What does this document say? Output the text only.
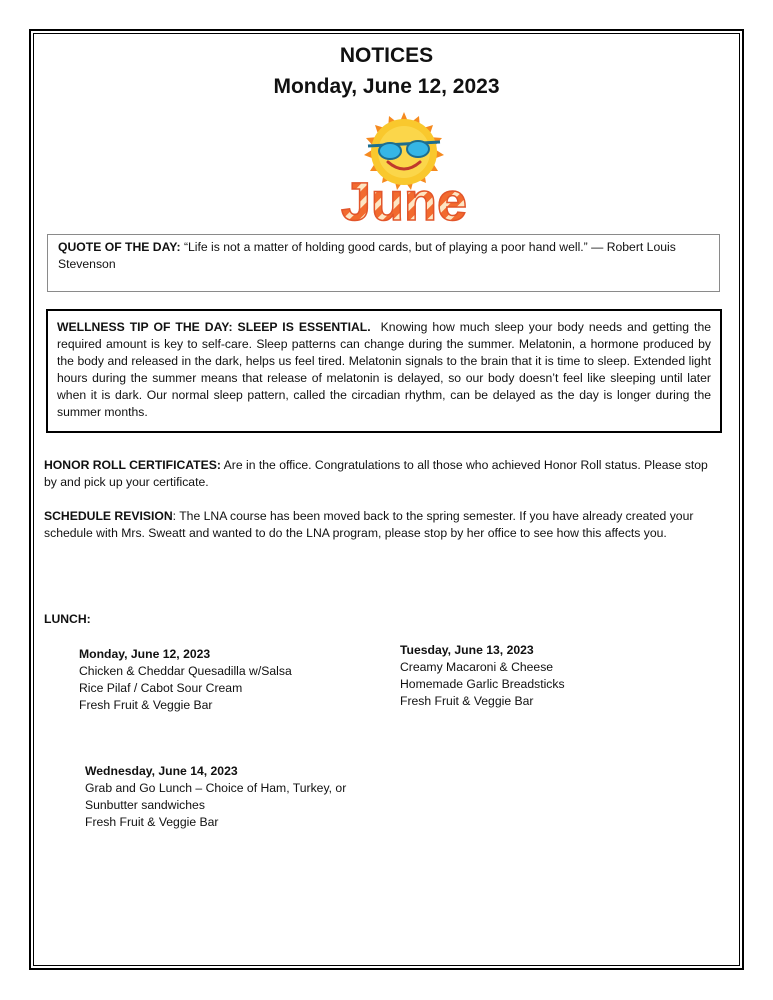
NOTICES
Monday, June 12, 2023
June
QUOTE OF THE DAY: “Life is not a matter of holding good cards, but of playing a poor hand well.” — Robert Louis Stevenson
WELLNESS TIP OF THE DAY: SLEEP IS ESSENTIAL. Knowing how much sleep your body needs and getting the required amount is key to self-care. Sleep patterns can change during the summer. Melatonin, a hormone produced by the body and released in the dark, helps us feel tired. Melatonin signals to the brain that it is time to sleep. Extended light hours during the summer means that release of melatonin is delayed, so our body doesn’t feel like sleeping until later when it is dark. Our normal sleep pattern, called the circadian rhythm, can be delayed as the day is longer during the summer months.
HONOR ROLL CERTIFICATES: Are in the office. Congratulations to all those who achieved Honor Roll status. Please stop by and pick up your certificate.
SCHEDULE REVISION: The LNA course has been moved back to the spring semester. If you have already created your schedule with Mrs. Sweatt and wanted to do the LNA program, please stop by her office to see how this affects you.
LUNCH:
Monday, June 12, 2023
Chicken & Cheddar Quesadilla w/Salsa
Rice Pilaf / Cabot Sour Cream
Fresh Fruit & Veggie Bar
Tuesday, June 13, 2023
Creamy Macaroni & Cheese
Homemade Garlic Breadsticks
Fresh Fruit & Veggie Bar
Wednesday, June 14, 2023
Grab and Go Lunch – Choice of Ham, Turkey, or Sunbutter sandwiches
Fresh Fruit & Veggie Bar
